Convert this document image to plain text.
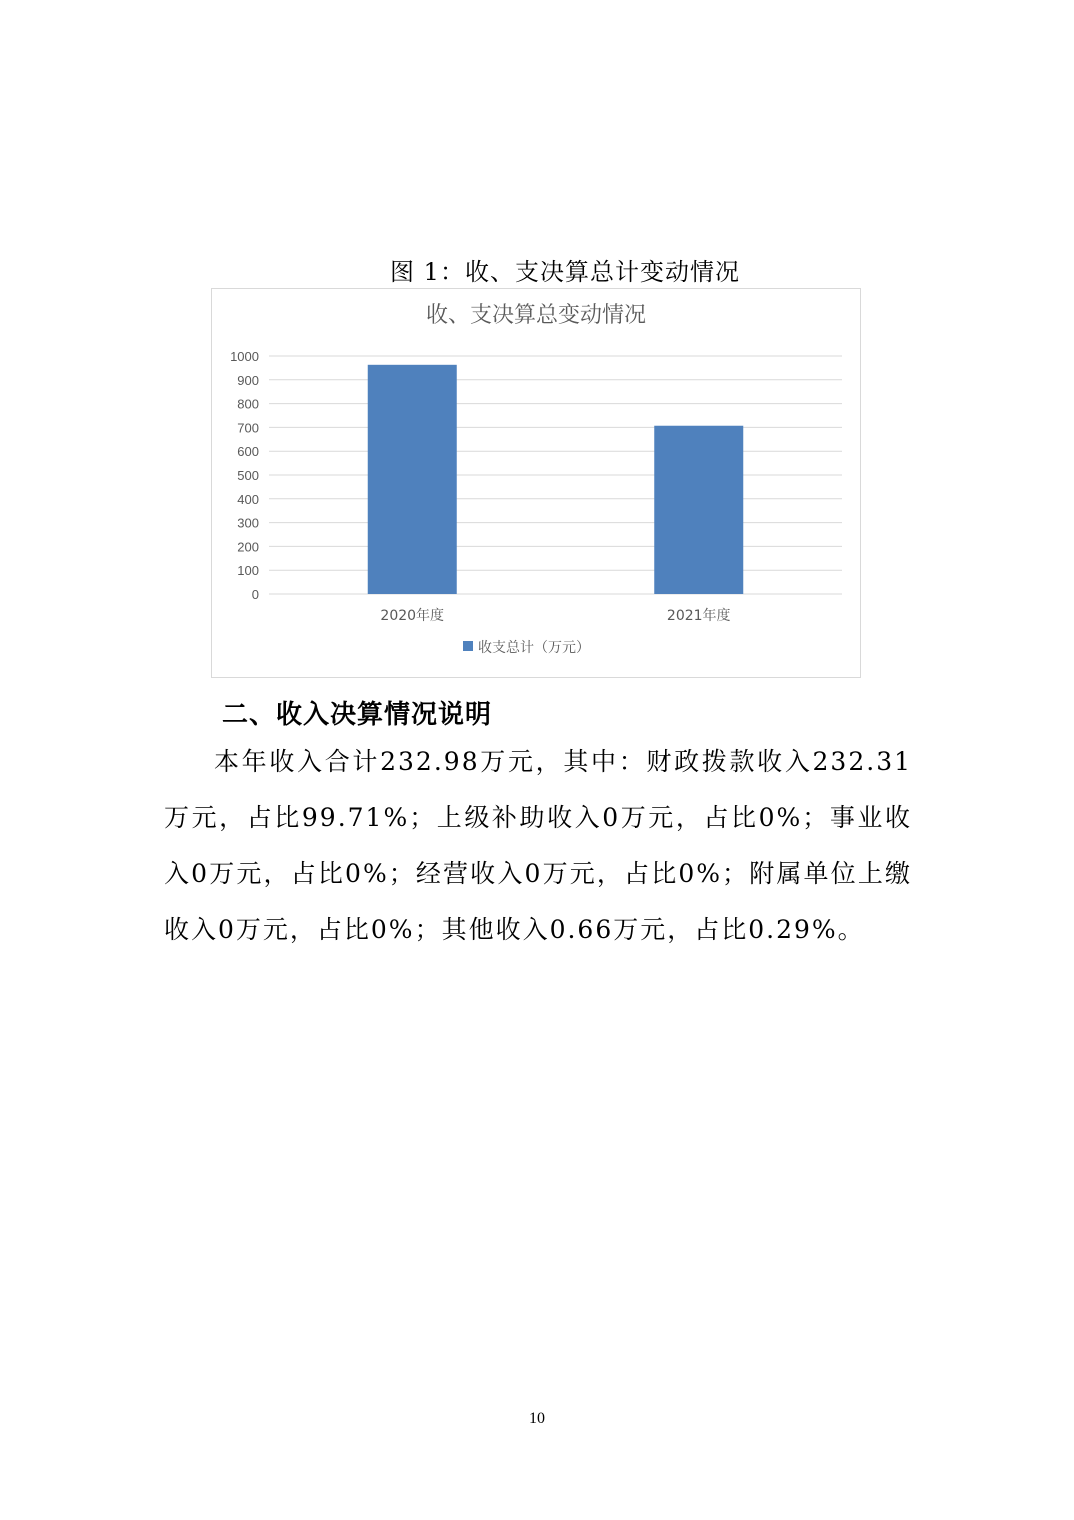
图 1：收、支决算总计变动情况
收、支决算总变动情况
0
100
200
300
400
500
600
700
800
900
1000
2020年度	2021年度
收支总计（万元）
二、收入决算情况说明
本年收入合计232.98万元，其中：财政拨款收入232.31万元，占比99.71%；上级补助收入0万元，占比0%；事业收入0万元，占比0%；经营收入0万元，占比0%；附属单位上缴收入0万元，占比0%；其他收入0.66万元，占比0.29%。
10
